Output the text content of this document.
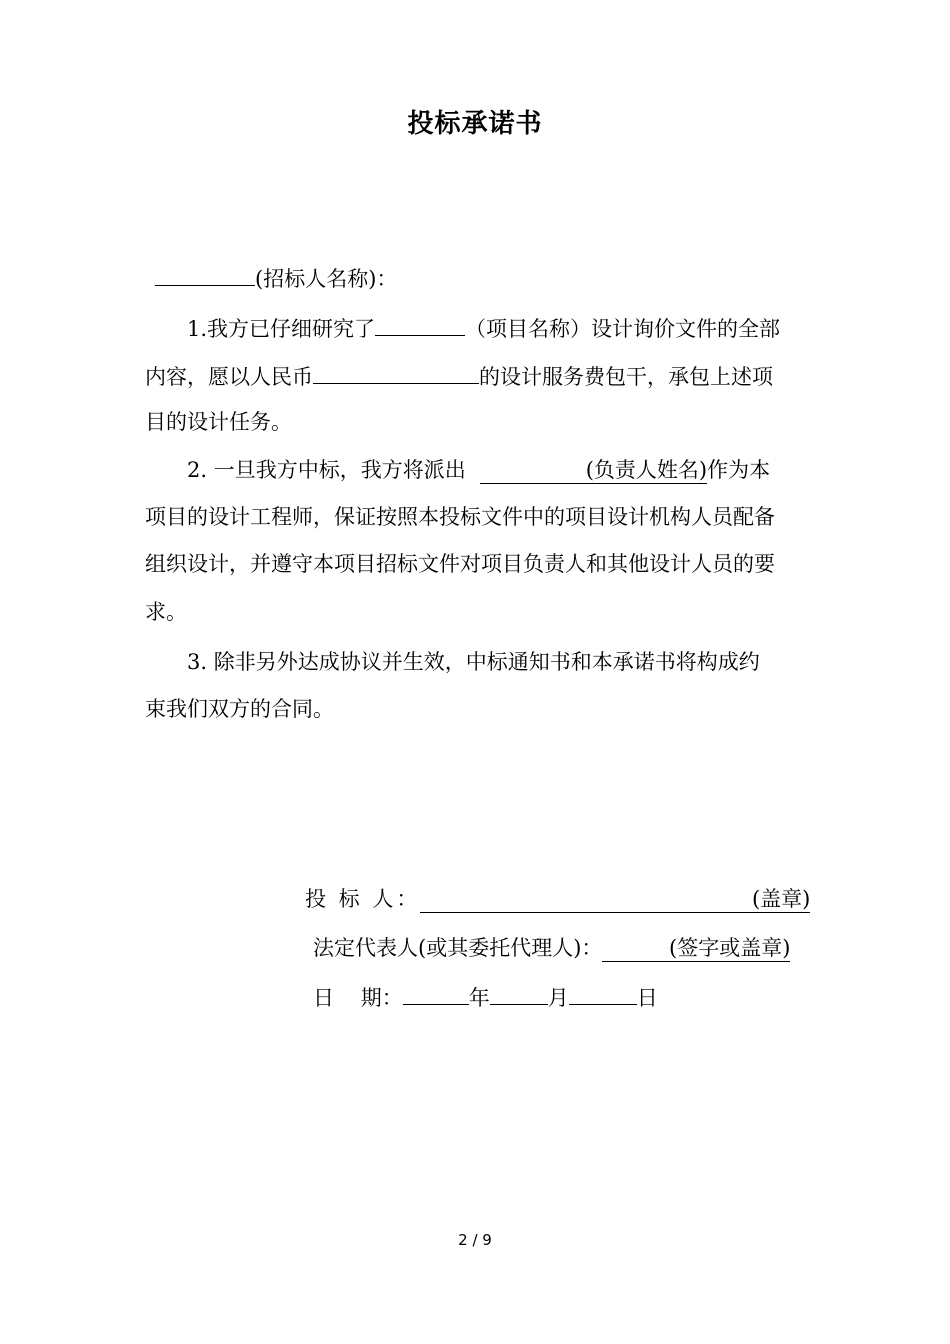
投标承诺书
(招标人名称)：
1.我方已仔细研究了	（项目名称）设计询价文件的全部
内容，愿以人民币	的设计服务费包干，承包上述项
目的设计任务。
2. 一旦我方中标，我方将派出	(负责人姓名)作为本
项目的设计工程师，保证按照本投标文件中的项目设计机构人员配备
组织设计，并遵守本项目招标文件对项目负责人和其他设计人员的要
求。
3. 除非另外达成协议并生效，中标通知书和本承诺书将构成约
束我们双方的合同。
投 标 人：	(盖章)
法定代表人(或其委托代理人)：	(签字或盖章)
日    期：	年	月	日
2 / 9
